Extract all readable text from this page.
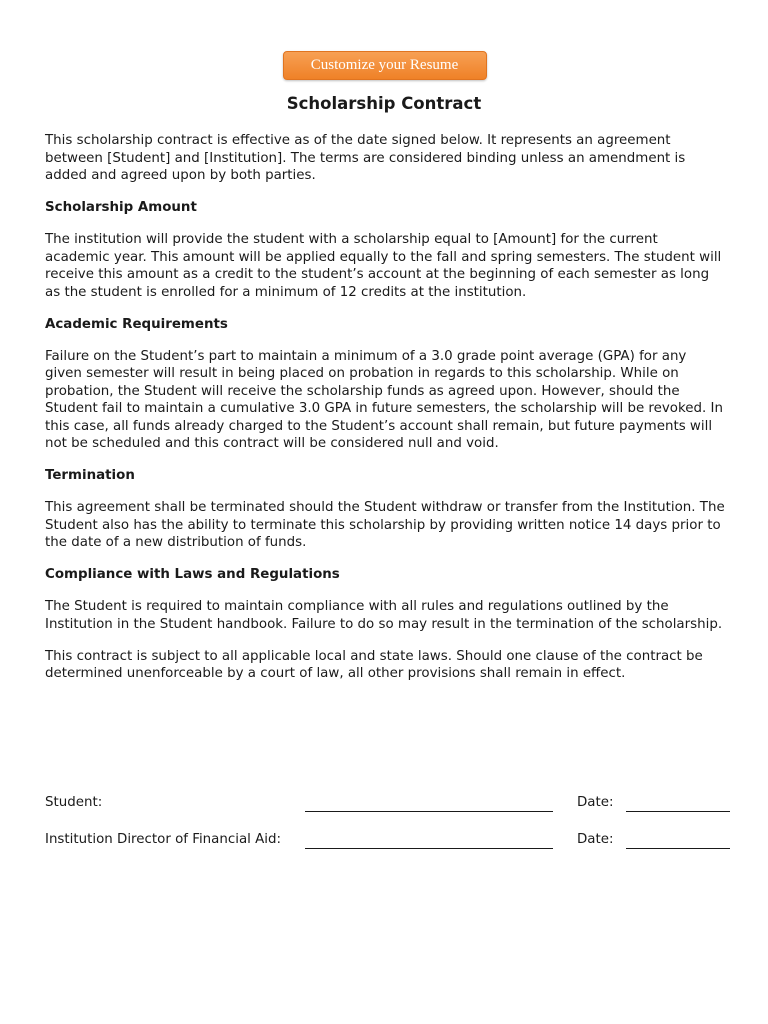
Customize your Resume
Scholarship Contract

This scholarship contract is effective as of the date signed below. It represents an agreement between [Student] and [Institution]. The terms are considered binding unless an amendment is added and agreed upon by both parties.

Scholarship Amount

The institution will provide the student with a scholarship equal to [Amount] for the current academic year. This amount will be applied equally to the fall and spring semesters. The student will receive this amount as a credit to the student’s account at the beginning of each semester as long as the student is enrolled for a minimum of 12 credits at the institution.

Academic Requirements

Failure on the Student’s part to maintain a minimum of a 3.0 grade point average (GPA) for any given semester will result in being placed on probation in regards to this scholarship. While on probation, the Student will receive the scholarship funds as agreed upon. However, should the Student fail to maintain a cumulative 3.0 GPA in future semesters, the scholarship will be revoked. In this case, all funds already charged to the Student’s account shall remain, but future payments will not be scheduled and this contract will be considered null and void.

Termination

This agreement shall be terminated should the Student withdraw or transfer from the Institution. The Student also has the ability to terminate this scholarship by providing written notice 14 days prior to the date of a new distribution of funds.

Compliance with Laws and Regulations

The Student is required to maintain compliance with all rules and regulations outlined by the Institution in the Student handbook. Failure to do so may result in the termination of the scholarship.

This contract is subject to all applicable local and state laws. Should one clause of the contract be determined unenforceable by a court of law, all other provisions shall remain in effect.

Student:	Date:
Institution Director of Financial Aid:	Date:
